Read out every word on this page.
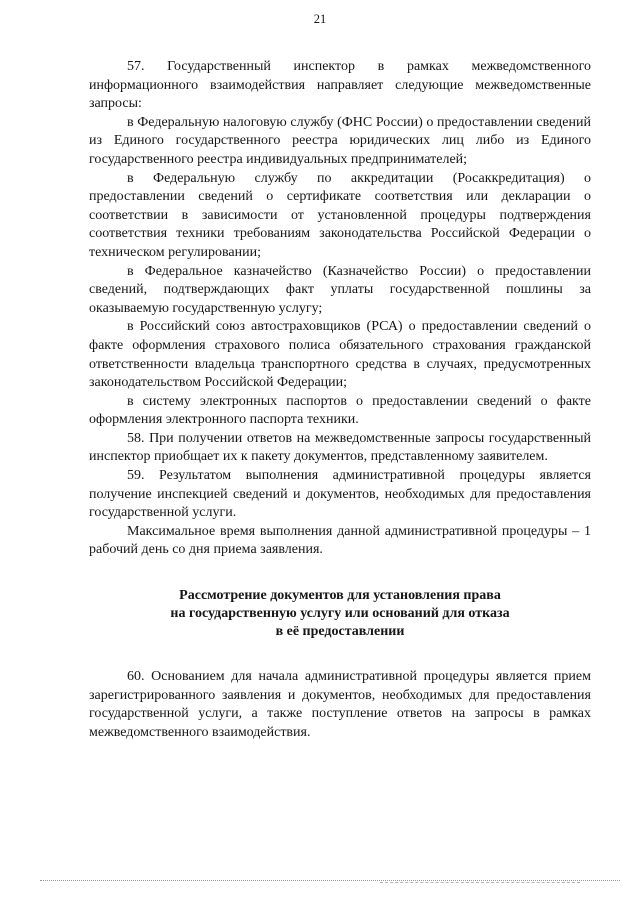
21

57. Государственный инспектор в рамках межведомственного информационного взаимодействия направляет следующие межведомственные запросы:

в Федеральную налоговую службу (ФНС России) о предоставлении сведений из Единого государственного реестра юридических лиц либо из Единого государственного реестра индивидуальных предпринимателей;

в Федеральную службу по аккредитации (Росаккредитация) о предоставлении сведений о сертификате соответствия или декларации о соответствии в зависимости от установленной процедуры подтверждения соответствия техники требованиям законодательства Российской Федерации о техническом регулировании;

в Федеральное казначейство (Казначейство России) о предоставлении сведений, подтверждающих факт уплаты государственной пошлины за оказываемую государственную услугу;

в Российский союз автостраховщиков (РСА) о предоставлении сведений о факте оформления страхового полиса обязательного страхования гражданской ответственности владельца транспортного средства в случаях, предусмотренных законодательством Российской Федерации;

в систему электронных паспортов о предоставлении сведений о факте оформления электронного паспорта техники.

58. При получении ответов на межведомственные запросы государственный инспектор приобщает их к пакету документов, представленному заявителем.

59. Результатом выполнения административной процедуры является получение инспекцией сведений и документов, необходимых для предоставления государственной услуги.

Максимальное время выполнения данной административной процедуры – 1 рабочий день со дня приема заявления.

Рассмотрение документов для установления права
на государственную услугу или оснований для отказа
в её предоставлении

60. Основанием для начала административной процедуры является прием зарегистрированного заявления и документов, необходимых для предоставления государственной услуги, а также поступление ответов на запросы в рамках межведомственного взаимодействия.
